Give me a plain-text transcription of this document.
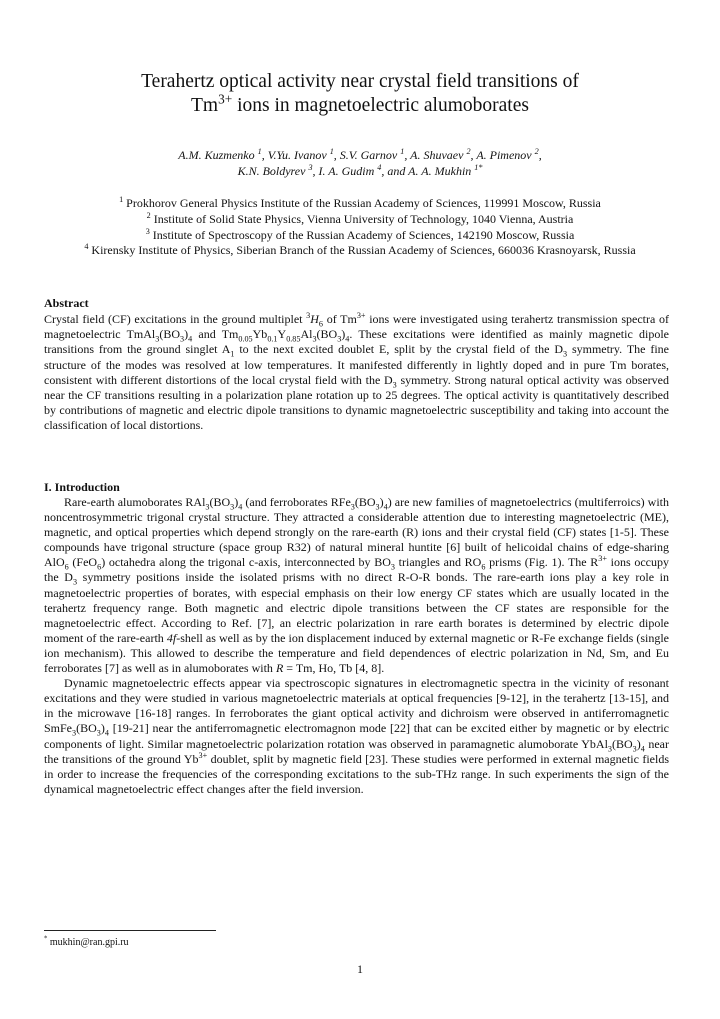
Terahertz optical activity near crystal field transitions of
$Tm^{3+}$ ions in magnetoelectric alumoborates
A.M. Kuzmenko $^1$, V.Yu. Ivanov $^1$, S.V. Garnov $^1$, A. Shuvaev $^2$, A. Pimenov $^2$,
K.N. Boldyrev $^3$, I. A. Gudim $^4$, and A. A. Mukhin $^{1*}$
$^1$ Prokhorov General Physics Institute of the Russian Academy of Sciences, 119991 Moscow, Russia
$^2$ Institute of Solid State Physics, Vienna University of Technology, 1040 Vienna, Austria
$^3$ Institute of Spectroscopy of the Russian Academy of Sciences, 142190 Moscow, Russia
$^4$ Kirensky Institute of Physics, Siberian Branch of the Russian Academy of Sciences, 660036 Krasnoyarsk, Russia
Abstract
Crystal field (CF) excitations in the ground multiplet $^3H_6$ of $Tm^{3+}$ ions were investigated using terahertz transmission spectra of magnetoelectric $TmAl_3(BO_3)_4$ and $Tm_{0.05}Yb_{0.1}Y_{0.85}Al_3(BO_3)_4$. These excitations were identified as mainly magnetic dipole transitions from the ground singlet $A_1$ to the next excited doublet E, split by the crystal field of the $D_3$ symmetry. The fine structure of the modes was resolved at low temperatures. It manifested differently in lightly doped and in pure Tm borates, consistent with different distortions of the local crystal field with the $D_3$ symmetry. Strong natural optical activity was observed near the CF transitions resulting in a polarization plane rotation up to 25 degrees. The optical activity is quantitatively described by contributions of magnetic and electric dipole transitions to dynamic magnetoelectric susceptibility and taking into account the classification of local distortions.
I. Introduction

Rare-earth alumoborates $RAl_3(BO_3)_4$ (and ferroborates $RFe_3(BO_3)_4$) are new families of magnetoelectrics (multiferroics) with noncentrosymmetric trigonal crystal structure. They attracted a considerable attention due to interesting magnetoelectric (ME), magnetic, and optical properties which depend strongly on the rare-earth (R) ions and their crystal field (CF) states [1-5]. These compounds have trigonal structure (space group R32) of natural mineral huntite [6] built of helicoidal chains of edge-sharing AlO$_6$ (FeO$_6$) octahedra along the trigonal c-axis, interconnected by $BO_3$ triangles and $RO_6$ prisms (Fig. 1). The $R^{3+}$ ions occupy the $D_3$ symmetry positions inside the isolated prisms with no direct R-O-R bonds. The rare-earth ions play a key role in magnetoelectric properties of borates, with especial emphasis on their low energy CF states which are usually located in the terahertz frequency range. Both magnetic and electric dipole transitions between the CF states are responsible for the magnetoelectric effect. According to Ref. [7], an electric polarization in rare earth borates is determined by electric dipole moment of the rare-earth 4f-shell as well as by the ion displacement induced by external magnetic or R-Fe exchange fields (single ion mechanism). This allowed to describe the temperature and field dependences of electric polarization in Nd, Sm, and Eu ferroborates [7] as well as in alumoborates with R = Tm, Ho, Tb [4, 8].

Dynamic magnetoelectric effects appear via spectroscopic signatures in electromagnetic spectra in the vicinity of resonant excitations and they were studied in various magnetoelectric materials at optical frequencies [9-12], in the terahertz [13-15], and in the microwave [16-18] ranges. In ferroborates the giant optical activity and dichroism were observed in antiferromagnetic $SmFe_3(BO_3)_4$ [19-21] near the antiferromagnetic electromagnon mode [22] that can be excited either by magnetic or by electric components of light. Similar magnetoelectric polarization rotation was observed in paramagnetic alumoborate $YbAl_3(BO_3)_4$ near the transitions of the ground $Yb^{3+}$ doublet, split by magnetic field [23]. These studies were performed in external magnetic fields in order to increase the frequencies of the corresponding excitations to the sub-THz range. In such experiments the sign of the dynamical magnetoelectric effect changes after the field inversion.

* mukhin@ran.gpi.ru
1
